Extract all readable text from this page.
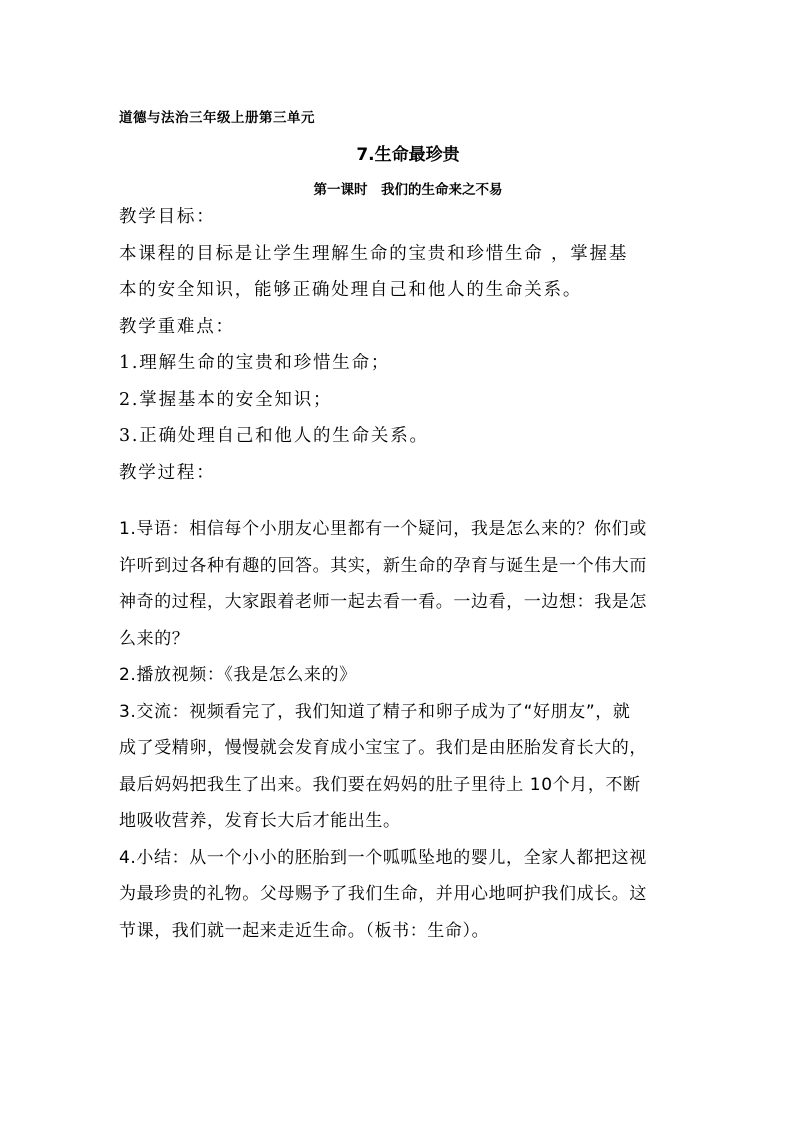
道德与法治三年级上册第三单元
7.生命最珍贵
第一课时　我们的生命来之不易
教学目标：
本课程的目标是让学生理解生命的宝贵和珍惜生命 ，掌握基
本的安全知识，能够正确处理自己和他人的生命关系。
教学重难点：
1.理解生命的宝贵和珍惜生命；
2.掌握基本的安全知识；
3.正确处理自己和他人的生命关系。
教学过程：
1.导语：相信每个小朋友心里都有一个疑问，我是怎么来的？你们或
许听到过各种有趣的回答。其实，新生命的孕育与诞生是一个伟大而
神奇的过程，大家跟着老师一起去看一看。一边看，一边想：我是怎
么来的？
2.播放视频：《我是怎么来的》
3.交流：视频看完了，我们知道了精子和卵子成为了“好朋友”，就
成了受精卵，慢慢就会发育成小宝宝了。我们是由胚胎发育长大的，
最后妈妈把我生了出来。我们要在妈妈的肚子里待上 10个月，不断
地吸收营养，发育长大后才能出生。
4.小结：从一个小小的胚胎到一个呱呱坠地的婴儿，全家人都把这视
为最珍贵的礼物。父母赐予了我们生命，并用心地呵护我们成长。这
节课，我们就一起来走近生命。（板书：生命）。
